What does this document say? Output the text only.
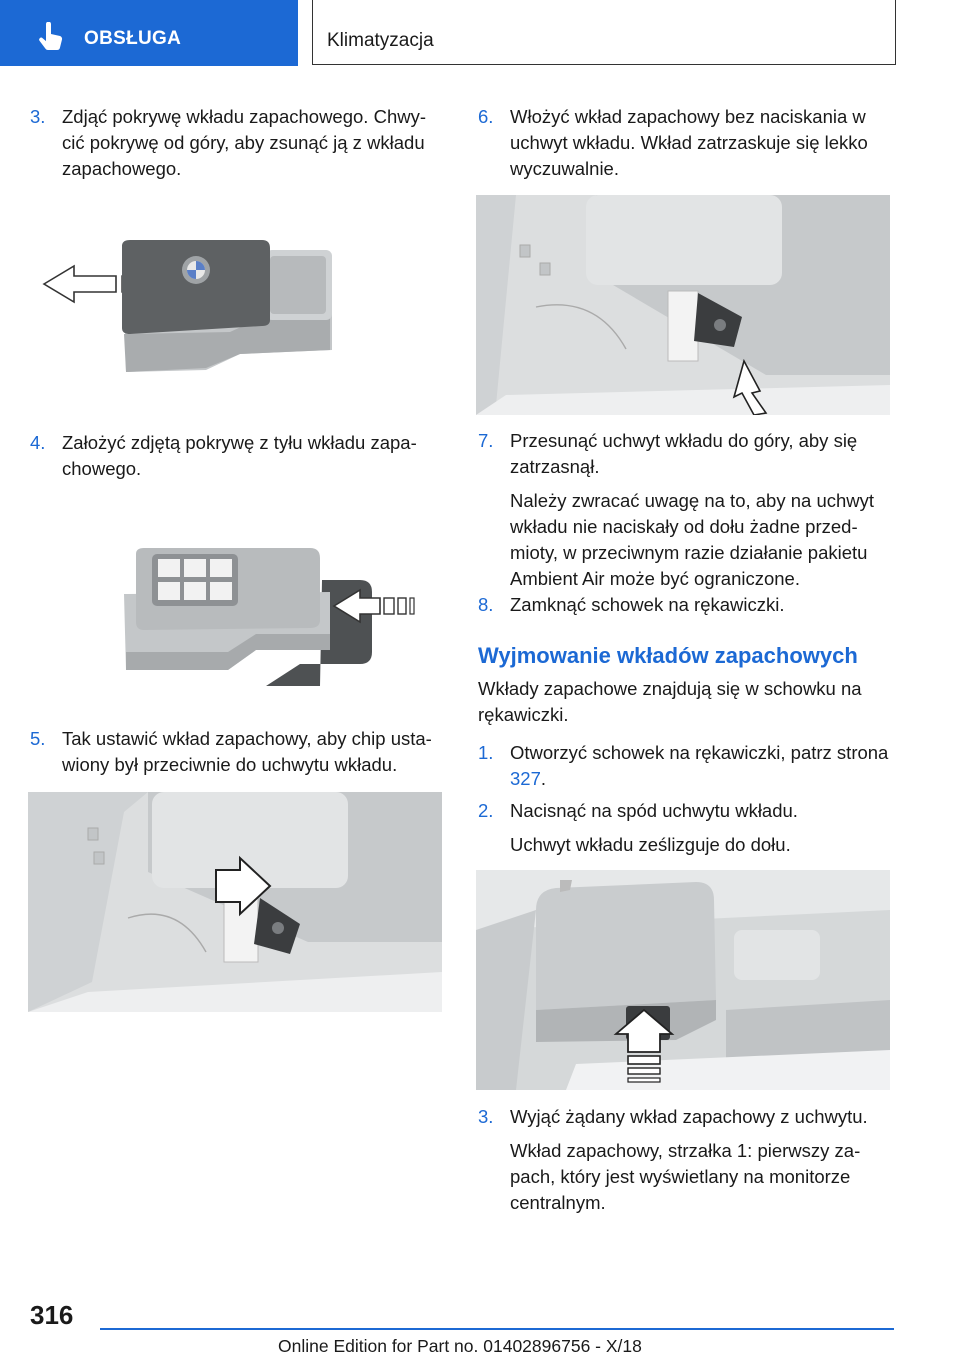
OBSŁUGA	Klimatyzacja
3. Zdjąć pokrywę wkładu zapachowego. Chwycić pokrywę od góry, aby zsunąć ją z wkładu zapachowego.
4. Założyć zdjętą pokrywę z tyłu wkładu zapachowego.
5. Tak ustawić wkład zapachowy, aby chip ustawiony był przeciwnie do uchwytu wkładu.
6. Włożyć wkład zapachowy bez naciskania w uchwyt wkładu. Wkład zatrzaskuje się lekko wyczuwalnie.
7. Przesunąć uchwyt wkładu do góry, aby się zatrzasnął.
Należy zwracać uwagę na to, aby na uchwyt wkładu nie naciskały od dołu żadne przedmioty, w przeciwnym razie działanie pakietu Ambient Air może być ograniczone.
8. Zamknąć schowek na rękawiczki.
Wyjmowanie wkładów zapachowych
Wkłady zapachowe znajdują się w schowku na rękawiczki.
1. Otworzyć schowek na rękawiczki, patrz strona 327.
2. Nacisnąć na spód uchwytu wkładu.
Uchwyt wkładu ześlizguje do dołu.
3. Wyjąć żądany wkład zapachowy z uchwytu.
Wkład zapachowy, strzałka 1: pierwszy zapach, który jest wyświetlany na monitorze centralnym.
316
Online Edition for Part no. 01402896756 - X/18
